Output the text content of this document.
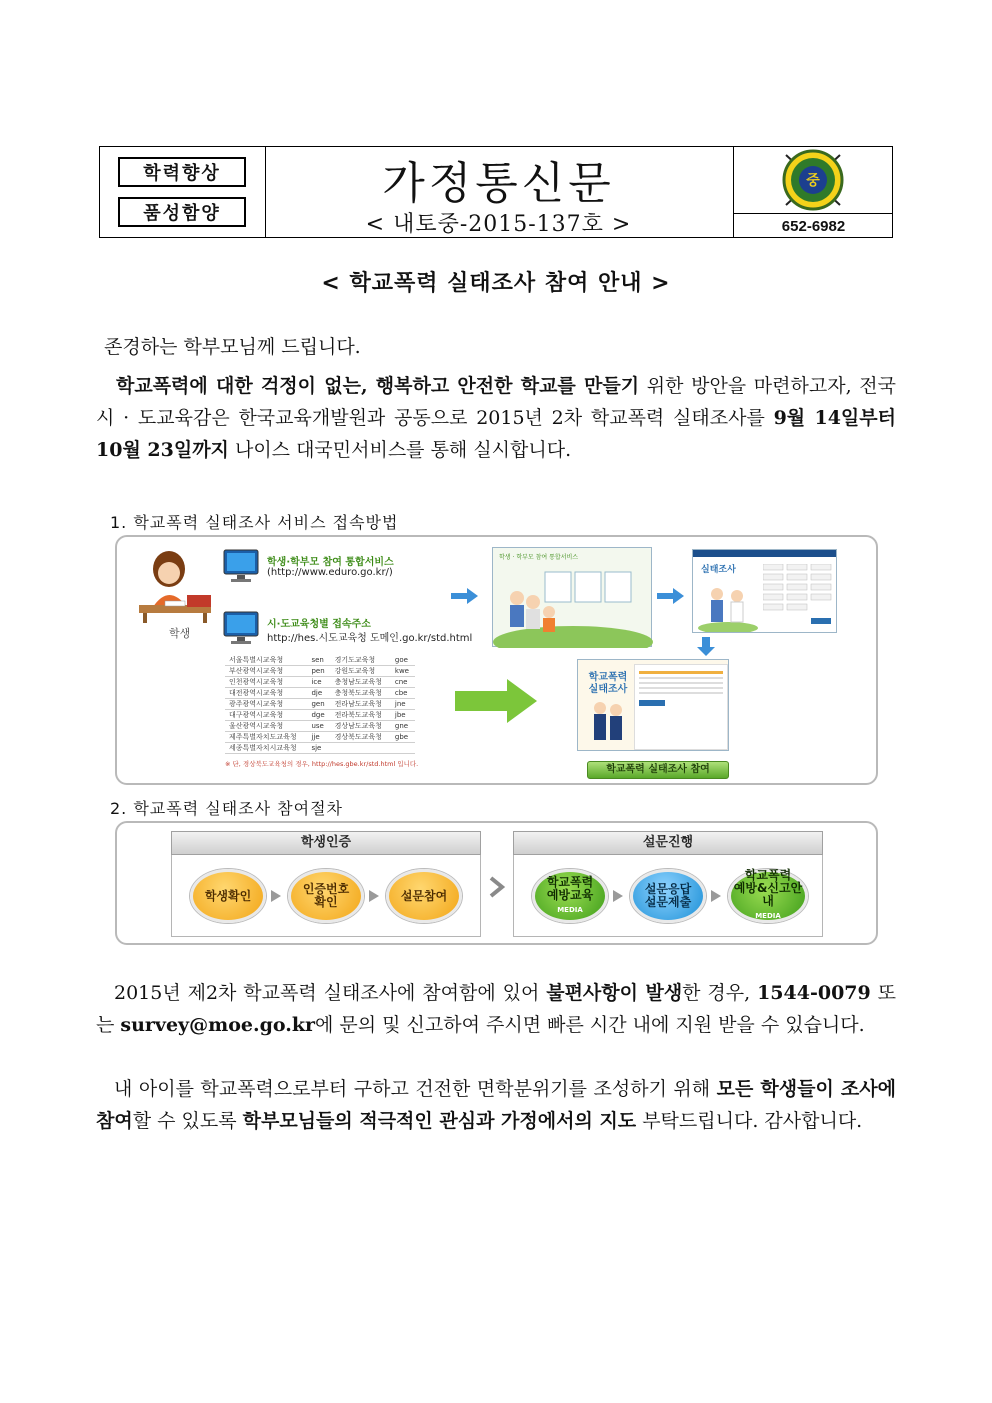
학력향상
품성함양
가정통신문
< 내토중-2015-137호 >
중
652-6982
< 학교폭력 실태조사 참여 안내 >
존경하는 학부모님께 드립니다.
학교폭력에 대한 걱정이 없는, 행복하고 안전한 학교를 만들기 위한 방안을 마련하고자, 전국 시 · 도교육감은 한국교육개발원과 공동으로 2015년 2차 학교폭력 실태조사를 9월 14일부터 10월 23일까지 나이스 대국민서비스를 통해 실시합니다.
1. 학교폭력 실태조사 서비스 접속방법
학생
학생·학부모 참여 통합서비스
(http://www.eduro.go.kr/)
시·도교육청별 접속주소
http://hes.시도교육청 도메인.go.kr/std.html
서울특별시교육청	sen	경기도교육청	goe
부산광역시교육청	pen	강원도교육청	kwe
인천광역시교육청	ice	충청남도교육청	cne
대전광역시교육청	dje	충청북도교육청	cbe
광주광역시교육청	gen	전라남도교육청	jne
대구광역시교육청	dge	전라북도교육청	jbe
울산광역시교육청	use	경상남도교육청	gne
제주특별자치도교육청	jje	경상북도교육청	gbe
세종특별자치시교육청	sje		
※ 단, 경상북도교육청의 경우, http://hes.gbe.kr/std.html 입니다.
학생 · 학부모 참여 통합서비스
실태조사
학교폭력
실태조사
학교폭력 실태조사 참여
2. 학교폭력 실태조사 참여절차
학생인증
학생확인	인증번호
확인	설문참여
설문진행
학교폭력
예방교육
MEDIA
설문응답
설문제출
학교폭력
예방&신고안내
MEDIA
2015년 제2차 학교폭력 실태조사에 참여함에 있어 불편사항이 발생한 경우, 1544-0079 또는 survey@moe.go.kr에 문의 및 신고하여 주시면 빠른 시간 내에 지원 받을 수 있습니다.
내 아이를 학교폭력으로부터 구하고 건전한 면학분위기를 조성하기 위해 모든 학생들이 조사에 참여할 수 있도록 학부모님들의 적극적인 관심과 가정에서의 지도 부탁드립니다. 감사합니다.
